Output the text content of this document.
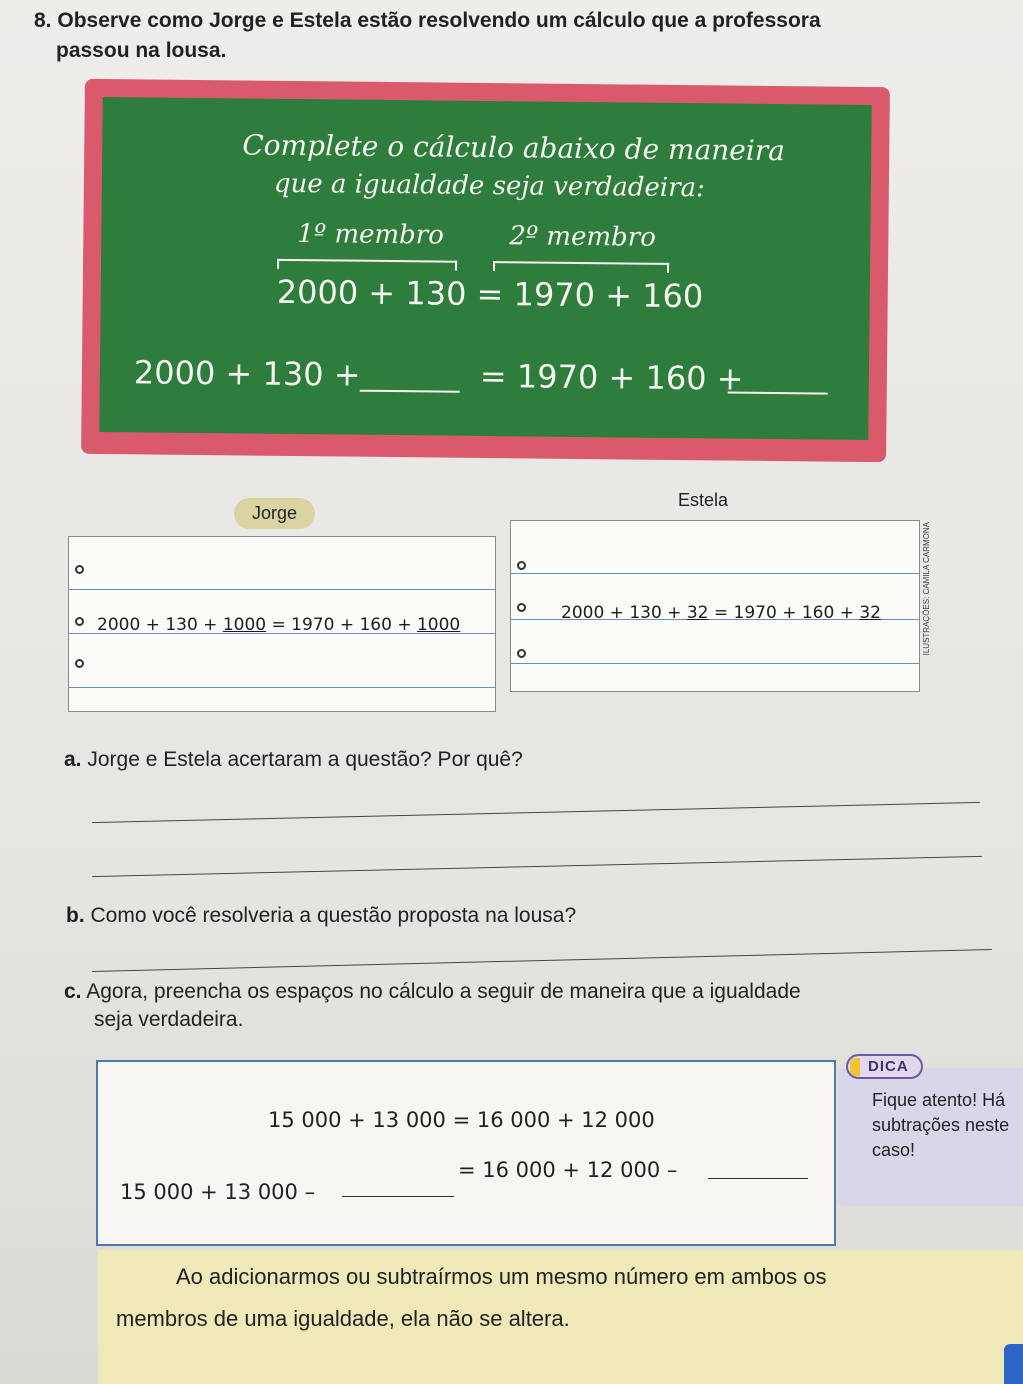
8. Observe como Jorge e Estela estão resolvendo um cálculo que a professora
passou na lousa.
Complete o cálculo abaixo de maneira
que a igualdade seja verdadeira:
1º membro	2º membro
2000 + 130 = 1970 + 160
2000 + 130 +	= 1970 + 160 +
Jorge
Estela
2000 + 130 + 1000 = 1970 + 160 + 1000
2000 + 130 + 32 = 1970 + 160 + 32	ILUSTRAÇÕES: CAMILA CARMONA
a. Jorge e Estela acertaram a questão? Por quê?
b. Como você resolveria a questão proposta na lousa?
c. Agora, preencha os espaços no cálculo a seguir de maneira que a igualdade
seja verdadeira.
15 000 + 13 000 = 16 000 + 12 000
15 000 + 13 000 –
= 16 000 + 12 000 –
DICA
Fique atento! Há subtrações neste caso!
Ao adicionarmos ou subtraírmos um mesmo número em ambos os
membros de uma igualdade, ela não se altera.
